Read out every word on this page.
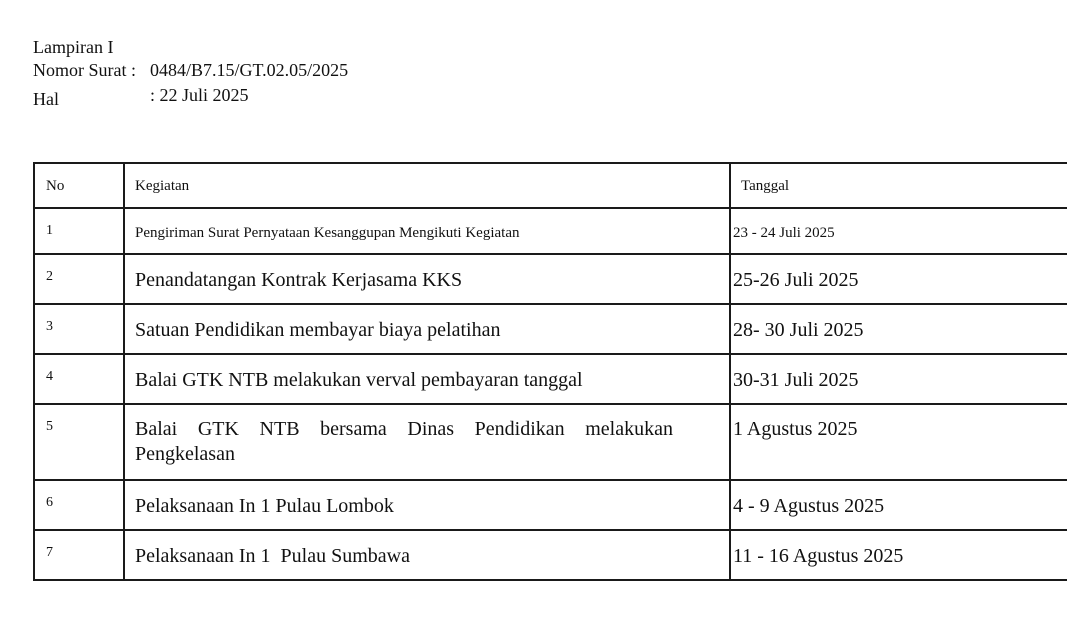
Lampiran I
Nomor Surat : 0484/B7.15/GT.02.05/2025
Hal	: 22 Juli 2025
No	Kegiatan	Tanggal

1	Pengiriman Surat Pernyataan Kesanggupan Mengikuti Kegiatan	23 - 24 Juli 2025

2	Penandatangan Kontrak Kerjasama KKS	25-26 Juli 2025

3	Satuan Pendidikan membayar biaya pelatihan	28- 30 Juli 2025

4	Balai GTK NTB melakukan verval pembayaran tanggal	30-31 Juli 2025

5	Balai GTK NTB bersama Dinas Pendidikan melakukan Pengkelasan	1 Agustus 2025

6	Pelaksanaan In 1 Pulau Lombok	4 - 9 Agustus 2025

7	Pelaksanaan In 1  Pulau Sumbawa	11 - 16 Agustus 2025
